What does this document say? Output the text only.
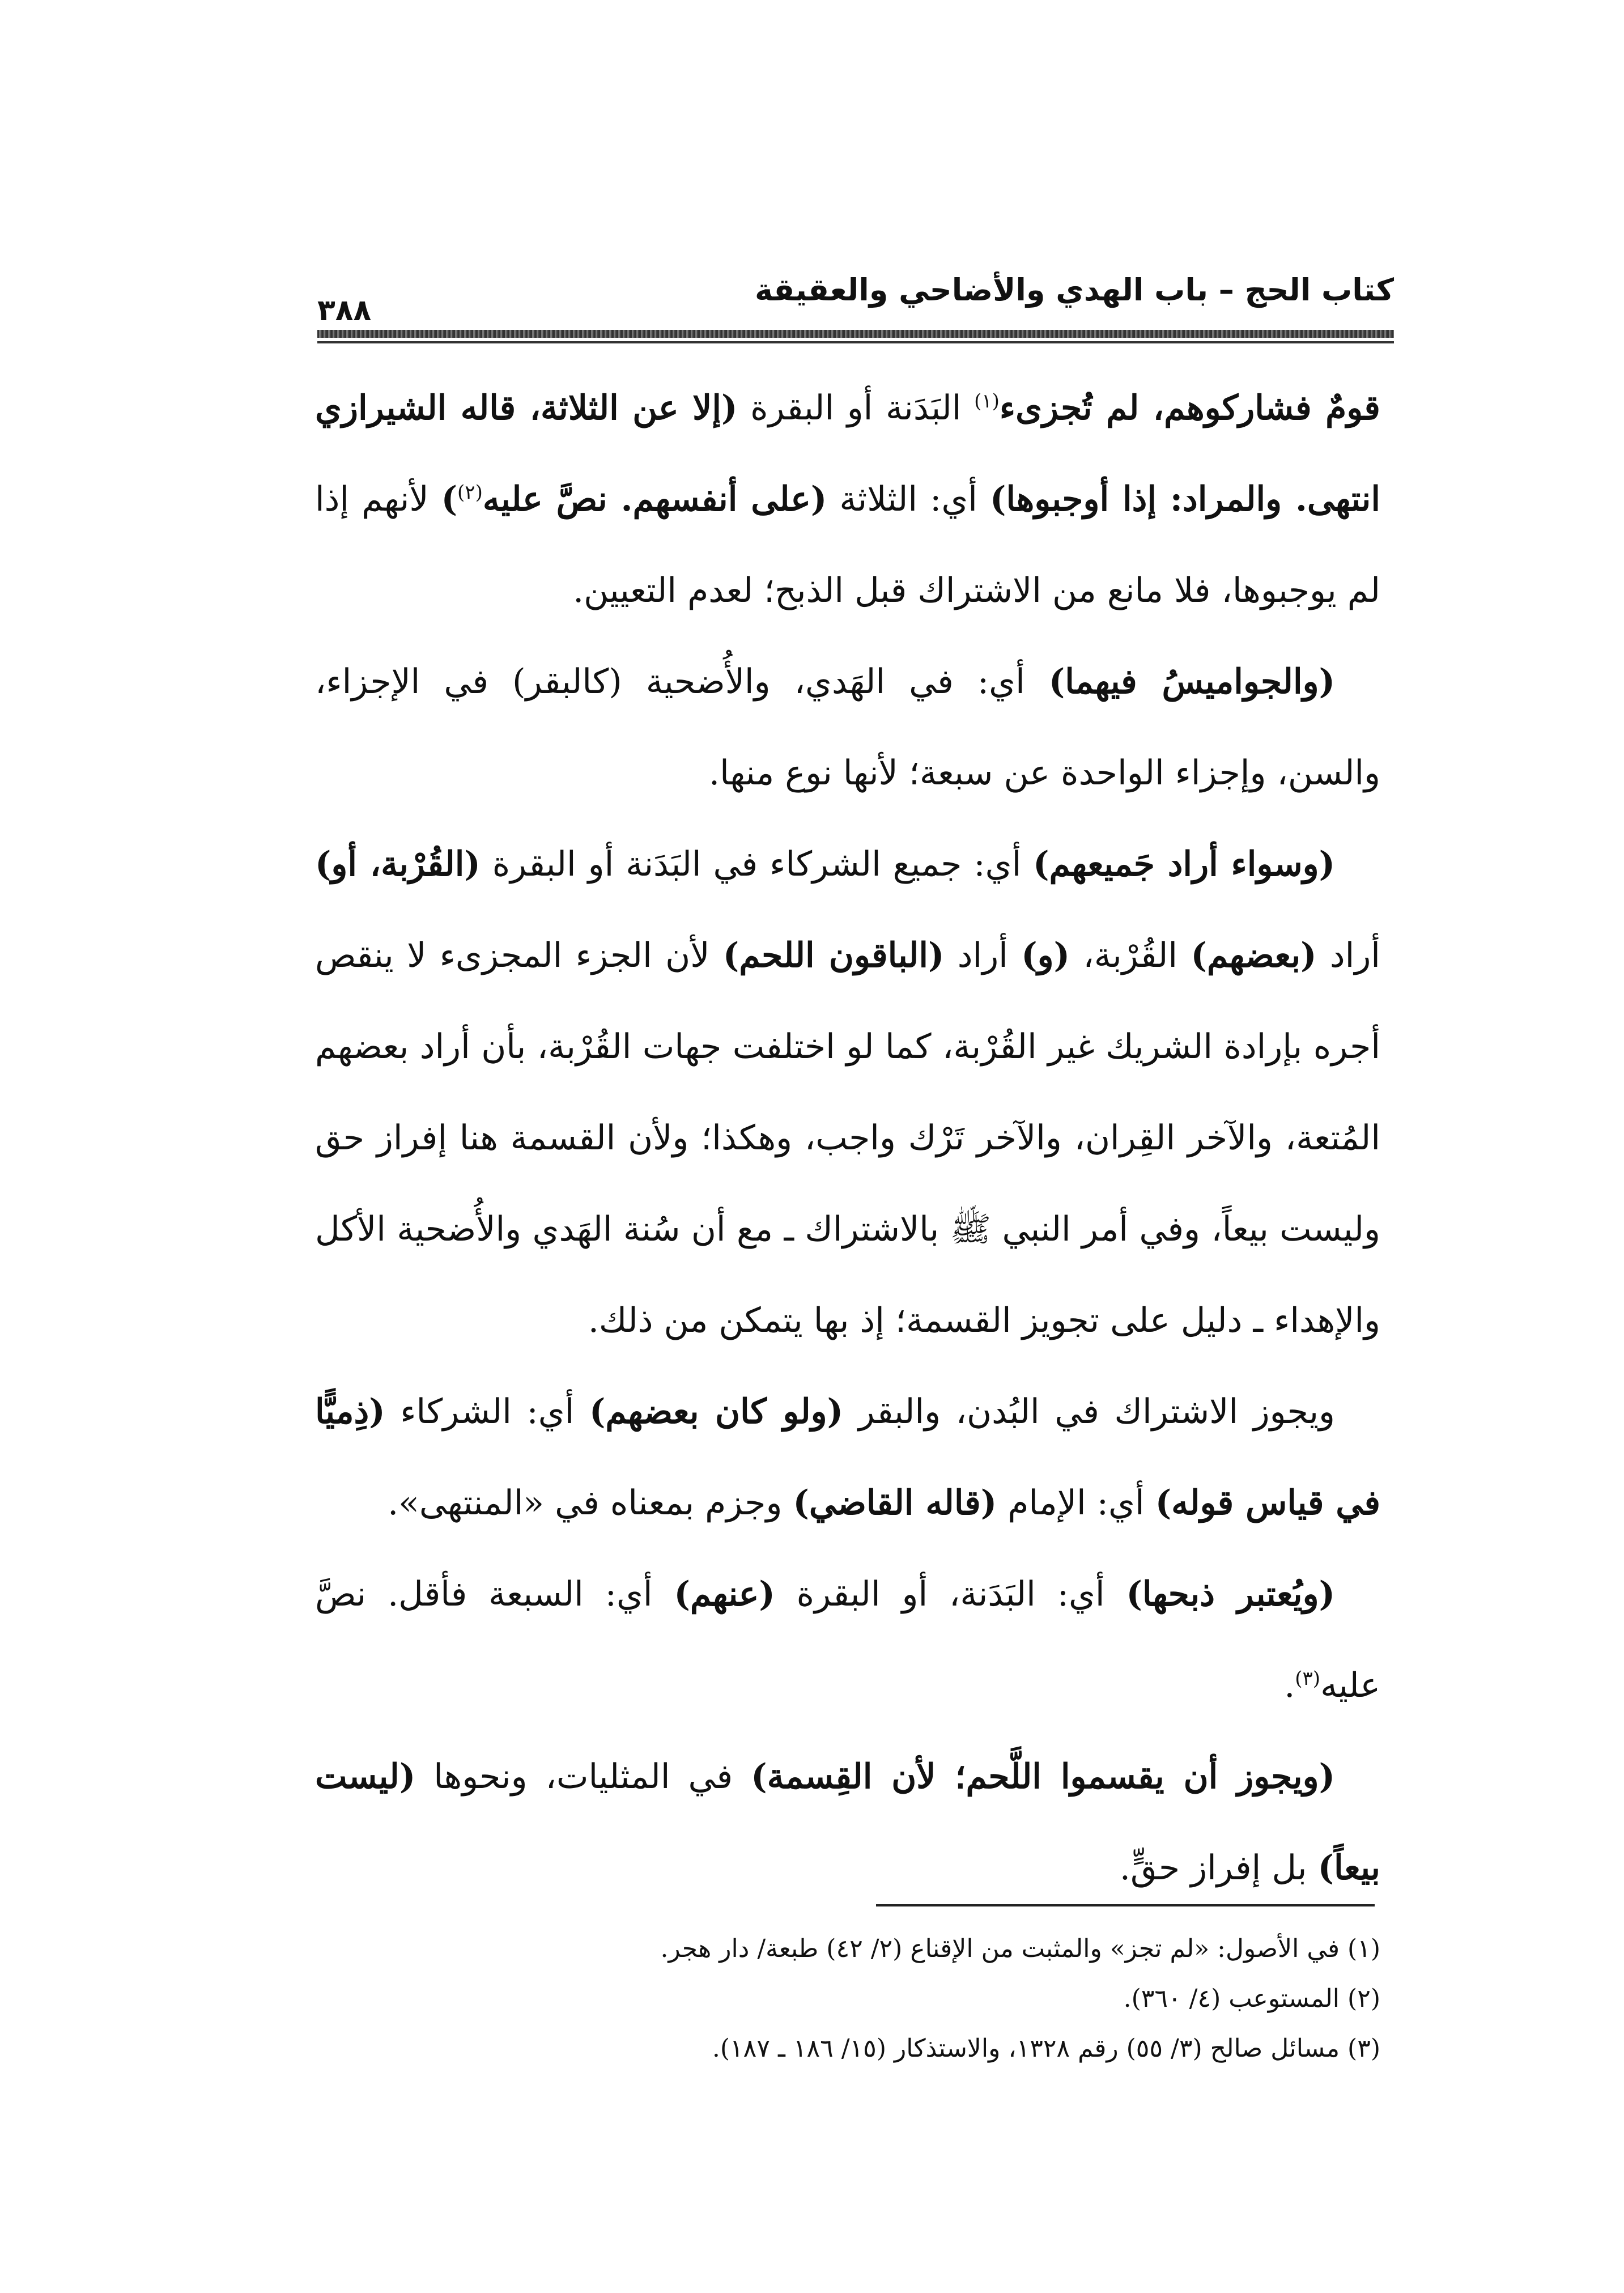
كتاب الحج – باب الهدي والأضاحي والعقيقة
٣٨٨

قومٌ فشاركوهم، لم تُجزىء$^{(١)}$ البَدَنة أو البقرة (إلا عن الثلاثة، قاله الشيرازي انتهى. والمراد: إذا أوجبوها) أي: الثلاثة (على أنفسهم. نصَّ عليه$^{(٢)}$) لأنهم إذا لم يوجبوها، فلا مانع من الاشتراك قبل الذبح؛ لعدم التعيين.

(والجواميسُ فيهما) أي: في الهَدي، والأُضحية (كالبقر) في الإجزاء، والسن، وإجزاء الواحدة عن سبعة؛ لأنها نوع منها.

(وسواء أراد جَميعهم) أي: جميع الشركاء في البَدَنة أو البقرة (القُرْبة، أو) أراد (بعضهم) القُرْبة، (و) أراد (الباقون اللحم) لأن الجزء المجزىء لا ينقص أجره بإرادة الشريك غير القُرْبة، كما لو اختلفت جهات القُرْبة، بأن أراد بعضهم المُتعة، والآخر القِران، والآخر تَرْك واجب، وهكذا؛ ولأن القسمة هنا إفراز حق وليست بيعاً، وفي أمر النبي ﷺ بالاشتراك ـ مع أن سُنة الهَدي والأُضحية الأكل والإهداء ـ دليل على تجويز القسمة؛ إذ بها يتمكن من ذلك.

ويجوز الاشتراك في البُدن، والبقر (ولو كان بعضهم) أي: الشركاء (ذِميًّا في قياس قوله) أي: الإمام (قاله القاضي) وجزم بمعناه في «المنتهى».

(ويُعتبر ذبحها) أي: البَدَنة، أو البقرة (عنهم) أي: السبعة فأقل. نصَّ عليه$^{(٣)}$.

(ويجوز أن يقسموا اللَّحم؛ لأن القِسمة) في المثليات، ونحوها (ليست بيعاً) بل إفراز حقٍّ.

(١) في الأصول: «لم تجز» والمثبت من الإقناع (٢/ ٤٢) طبعة/ دار هجر.
(٢) المستوعب (٤/ ٣٦٠).
(٣) مسائل صالح (٣/ ٥٥) رقم ١٣٢٨، والاستذكار (١٥/ ١٨٦ ـ ١٨٧).
